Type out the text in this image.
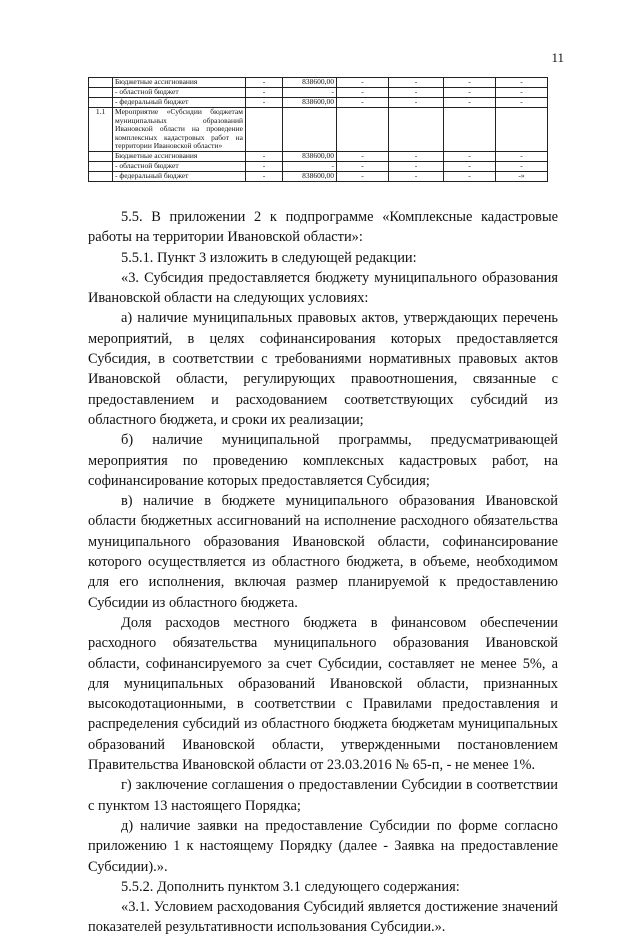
11
	Бюджетные ассигнования	-	838600,00	-	-	-	-
	- областной бюджет	-	-	-	-	-	-
	- федеральный бюджет	-	838600,00	-	-	-	-
1.1	Мероприятие «Субсидии бюджетам муниципальных образований Ивановской области на проведение комплексных кадастровых работ на территории Ивановской области»						
	Бюджетные ассигнования	-	838600,00	-	-	-	-
	- областной бюджет	-	-	-	-	-	-
	- федеральный бюджет	-	838600,00	-	-	-	-»

5.5. В приложении 2 к подпрограмме «Комплексные кадастровые работы на территории Ивановской области»:

5.5.1. Пункт 3 изложить в следующей редакции:

«3. Субсидия предоставляется бюджету муниципального образования Ивановской области на следующих условиях:

а) наличие муниципальных правовых актов, утверждающих перечень мероприятий, в целях софинансирования которых предоставляется Субсидия, в соответствии с требованиями нормативных правовых актов Ивановской области, регулирующих правоотношения, связанные с предоставлением и расходованием соответствующих субсидий из областного бюджета, и сроки их реализации;

б) наличие муниципальной программы, предусматривающей мероприятия по проведению комплексных кадастровых работ, на софинансирование которых предоставляется Субсидия;

в) наличие в бюджете муниципального образования Ивановской области бюджетных ассигнований на исполнение расходного обязательства муниципального образования Ивановской области, софинансирование которого осуществляется из областного бюджета, в объеме, необходимом для его исполнения, включая размер планируемой к предоставлению Субсидии из областного бюджета.

Доля расходов местного бюджета в финансовом обеспечении расходного обязательства муниципального образования Ивановской области, софинансируемого за счет Субсидии, составляет не менее 5%, а для муниципальных образований Ивановской области, признанных высокодотационными, в соответствии с Правилами предоставления и распределения субсидий из областного бюджета бюджетам муниципальных образований Ивановской области, утвержденными постановлением Правительства Ивановской области от 23.03.2016 № 65-п, - не менее 1%.

г) заключение соглашения о предоставлении Субсидии в соответствии с пунктом 13 настоящего Порядка;

д) наличие заявки на предоставление Субсидии по форме согласно приложению 1 к настоящему Порядку (далее - Заявка на предоставление Субсидии).».

5.5.2. Дополнить пунктом 3.1 следующего содержания:

«3.1. Условием расходования Субсидий является достижение значений показателей результативности использования Субсидии.».
